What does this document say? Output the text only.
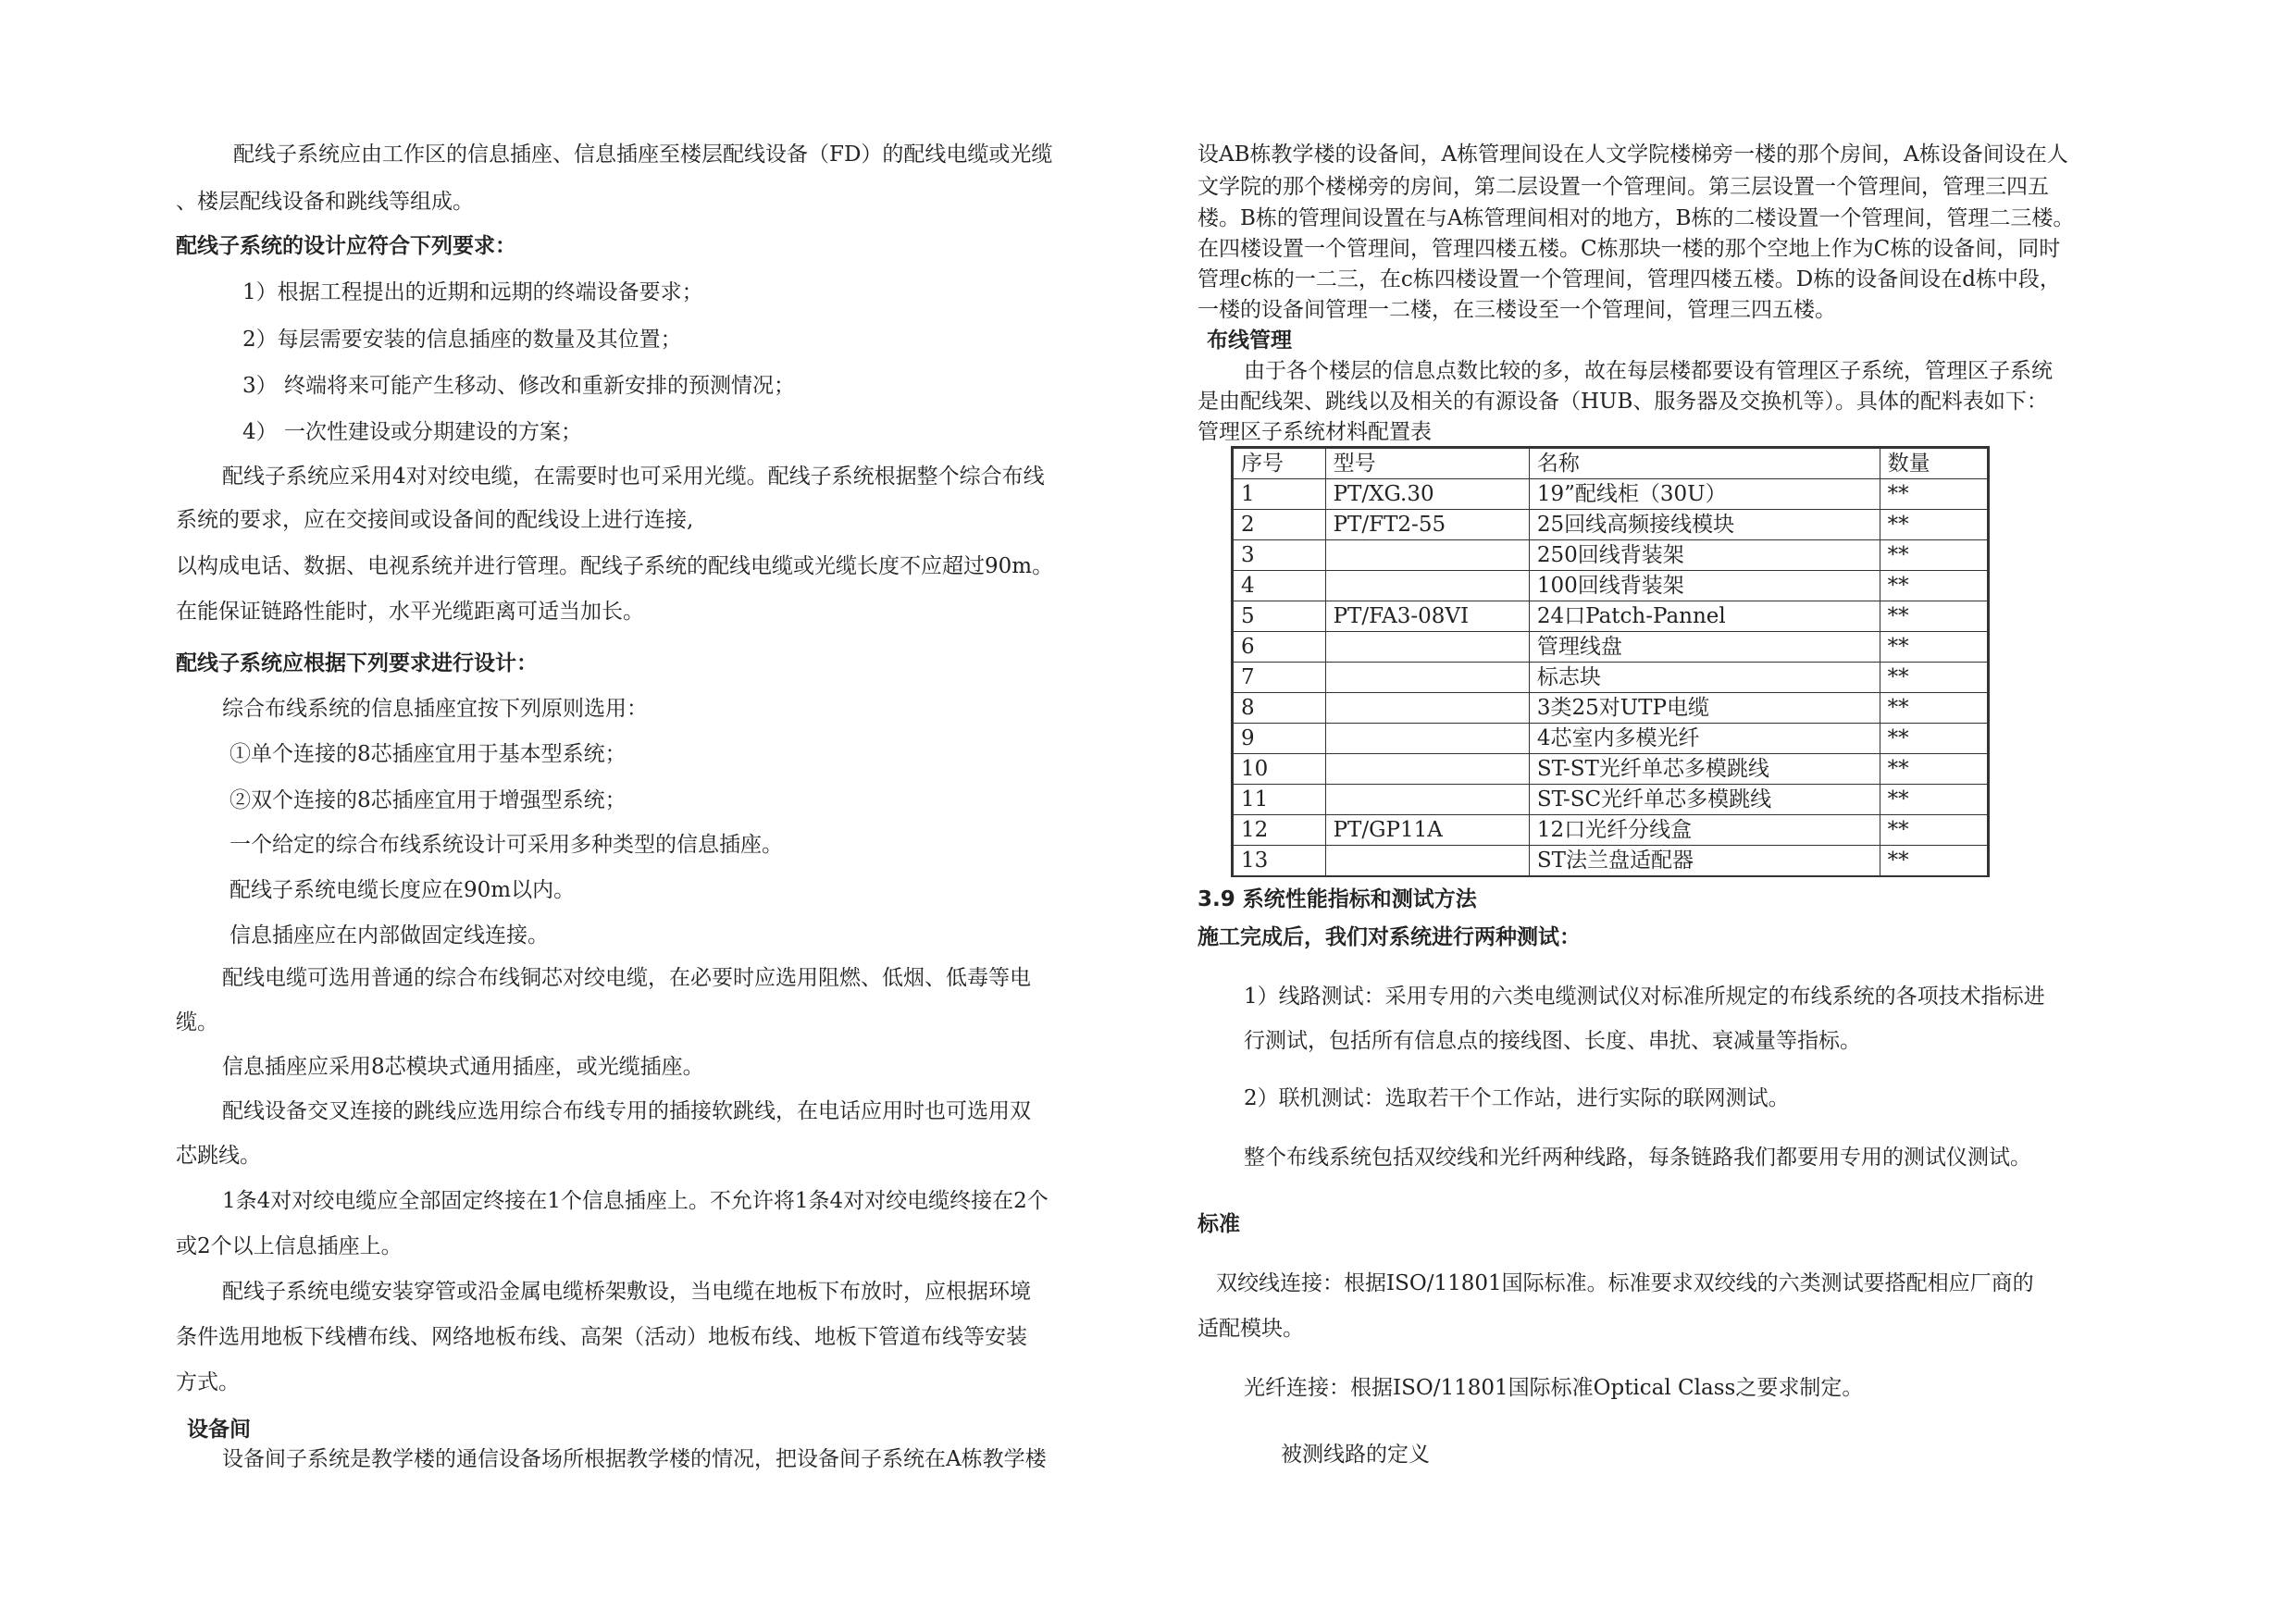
配线子系统应由工作区的信息插座、信息插座至楼层配线设备（FD）的配线电缆或光缆
、楼层配线设备和跳线等组成。
配线子系统的设计应符合下列要求：
1）根据工程提出的近期和远期的终端设备要求；
2）每层需要安装的信息插座的数量及其位置；
3） 终端将来可能产生移动、修改和重新安排的预测情况；
4） 一次性建设或分期建设的方案；
配线子系统应采用4对对绞电缆，在需要时也可采用光缆。配线子系统根据整个综合布线
系统的要求，应在交接间或设备间的配线设上进行连接,
以构成电话、数据、电视系统并进行管理。配线子系统的配线电缆或光缆长度不应超过90m。
在能保证链路性能时，水平光缆距离可适当加长。
配线子系统应根据下列要求进行设计：
综合布线系统的信息插座宜按下列原则选用：
①单个连接的8芯插座宜用于基本型系统；
②双个连接的8芯插座宜用于增强型系统；
一个给定的综合布线系统设计可采用多种类型的信息插座。
配线子系统电缆长度应在90m以内。
信息插座应在内部做固定线连接。
配线电缆可选用普通的综合布线铜芯对绞电缆，在必要时应选用阻燃、低烟、低毒等电
缆。
信息插座应采用8芯模块式通用插座，或光缆插座。
配线设备交叉连接的跳线应选用综合布线专用的插接软跳线，在电话应用时也可选用双
芯跳线。
1条4对对绞电缆应全部固定终接在1个信息插座上。不允许将1条4对对绞电缆终接在2个
或2个以上信息插座上。
配线子系统电缆安装穿管或沿金属电缆桥架敷设，当电缆在地板下布放时，应根据环境
条件选用地板下线槽布线、网络地板布线、高架（活动）地板布线、地板下管道布线等安装
方式。
设备间
设备间子系统是教学楼的通信设备场所根据教学楼的情况，把设备间子系统在A栋教学楼
设AB栋教学楼的设备间，A栋管理间设在人文学院楼梯旁一楼的那个房间，A栋设备间设在人
文学院的那个楼梯旁的房间，第二层设置一个管理间。第三层设置一个管理间，管理三四五
楼。B栋的管理间设置在与A栋管理间相对的地方，B栋的二楼设置一个管理间，管理二三楼。
在四楼设置一个管理间，管理四楼五楼。C栋那块一楼的那个空地上作为C栋的设备间，同时
管理c栋的一二三，在c栋四楼设置一个管理间，管理四楼五楼。D栋的设备间设在d栋中段，
一楼的设备间管理一二楼，在三楼设至一个管理间，管理三四五楼。
布线管理
由于各个楼层的信息点数比较的多，故在每层楼都要设有管理区子系统，管理区子系统
是由配线架、跳线以及相关的有源设备（HUB、服务器及交换机等）。具体的配料表如下：
管理区子系统材料配置表
序号	型号	名称	数量
1	PT/XG.30	19”配线柜（30U）	**
2	PT/FT2-55	25回线高频接线模块	**
3		250回线背装架	**
4		100回线背装架	**
5	PT/FA3-08VI	24口Patch-Pannel	**
6		管理线盘	**
7		标志块	**
8		3类25对UTP电缆	**
9		4芯室内多模光纤	**
10		ST-ST光纤单芯多模跳线	**
11		ST-SC光纤单芯多模跳线	**
12	PT/GP11A	12口光纤分线盒	**
13		ST法兰盘适配器	**
3.9 系统性能指标和测试方法
施工完成后，我们对系统进行两种测试：
1）线路测试：采用专用的六类电缆测试仪对标准所规定的布线系统的各项技术指标进
行测试，包括所有信息点的接线图、长度、串扰、衰减量等指标。
2）联机测试：选取若干个工作站，进行实际的联网测试。
整个布线系统包括双绞线和光纤两种线路，每条链路我们都要用专用的测试仪测试。
标准
双绞线连接：根据ISO/11801国际标准。标准要求双绞线的六类测试要搭配相应厂商的
适配模块。
光纤连接：根据ISO/11801国际标准Optical Class之要求制定。
被测线路的定义
